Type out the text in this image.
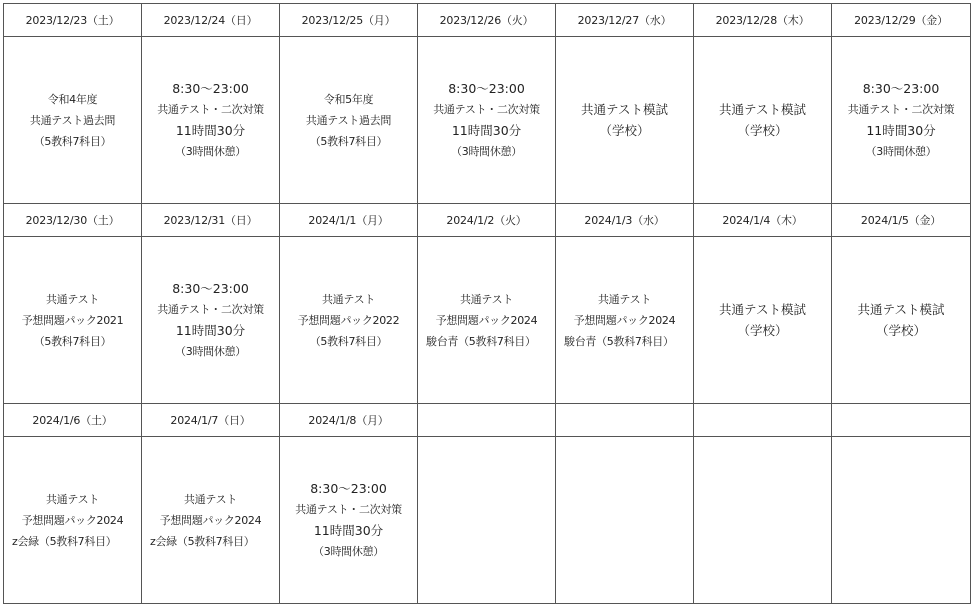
2023/12/23（土）	2023/12/24（日）	2023/12/25（月）	2023/12/26（火）	2023/12/27（水）	2023/12/28（木）	2023/12/29（金）

令和4年度
共通テスト過去問
（5教科7科目）	8:30～23:00
共通テスト・二次対策
11時間30分
（3時間休憩）	令和5年度
共通テスト過去問
（5教科7科目）	8:30～23:00
共通テスト・二次対策
11時間30分
（3時間休憩）	共通テスト模試
（学校）	共通テスト模試
（学校）	8:30～23:00
共通テスト・二次対策
11時間30分
（3時間休憩）

2023/12/30（土）	2023/12/31（日）	2024/1/1（月）	2024/1/2（火）	2024/1/3（水）	2024/1/4（木）	2024/1/5（金）

共通テスト
予想問題パック2021
（5教科7科目）	8:30～23:00
共通テスト・二次対策
11時間30分
（3時間休憩）	共通テスト
予想問題パック2022
（5教科7科目）	共通テスト
予想問題パック2024
駿台青（5教科7科目）	共通テスト
予想問題パック2024
駿台青（5教科7科目）	共通テスト模試
（学校）	共通テスト模試
（学校）

2024/1/6（土）	2024/1/7（日）	2024/1/8（月）				

共通テスト
予想問題パック2024
z会緑（5教科7科目）	共通テスト
予想問題パック2024
z会緑（5教科7科目）	8:30～23:00
共通テスト・二次対策
11時間30分
（3時間休憩）				
